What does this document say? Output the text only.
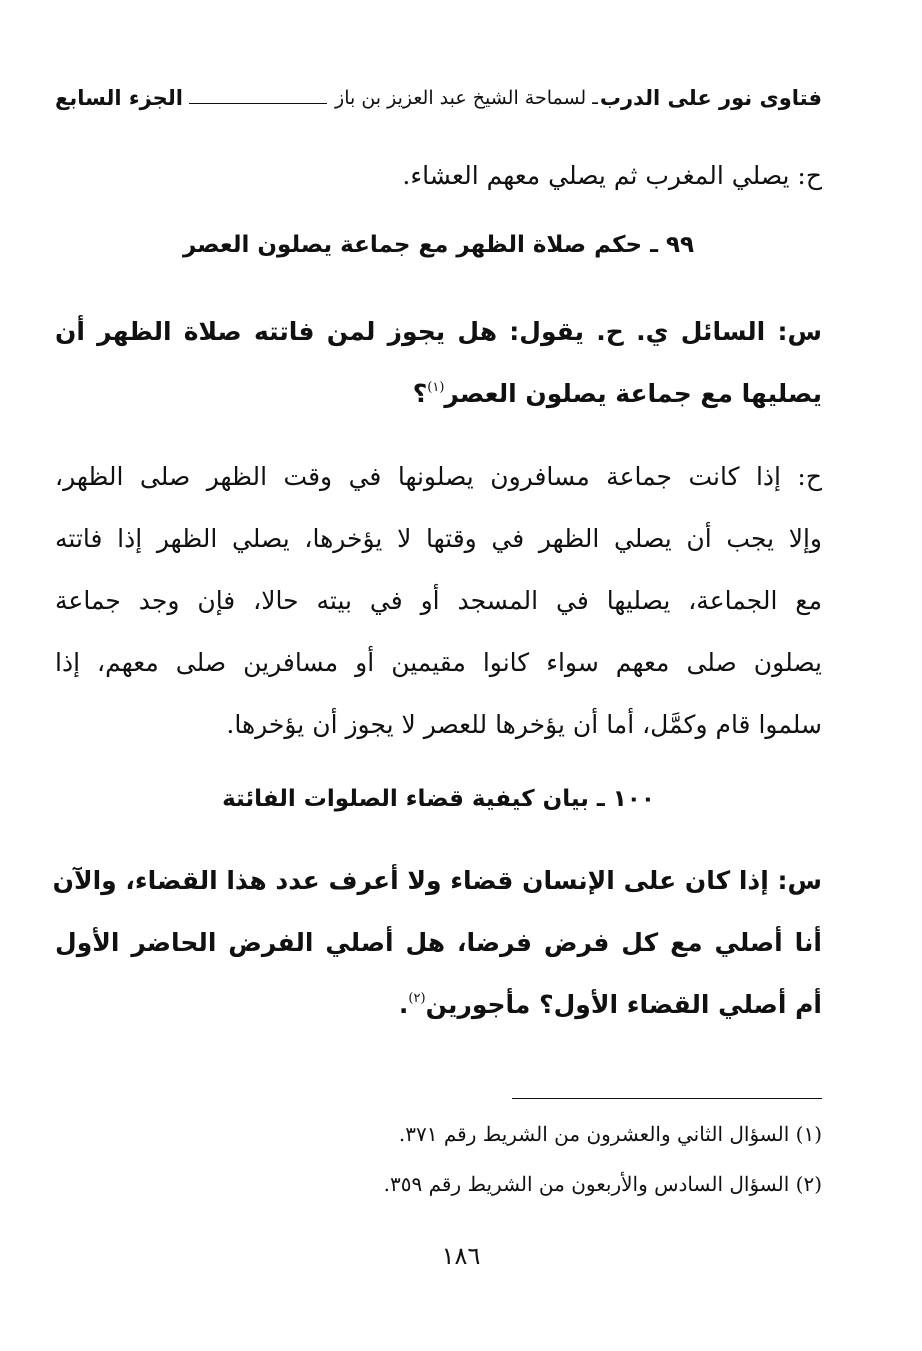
فتاوى نور على الدرب
ـ لسماحة الشيخ عبد العزيز بن باز
الجزء السابع
ح: يصلي المغرب ثم يصلي معهم العشاء.
٩٩ ـ حكم صلاة الظهر مع جماعة يصلون العصر
س: السائل ي. ح. يقول: هل يجوز لمن فاتته صلاة الظهر أن
يصليها مع جماعة يصلون العصر$^{(١)}$؟
ح: إذا كانت جماعة مسافرون يصلونها في وقت الظهر صلى الظهر،
وإلا يجب أن يصلي الظهر في وقتها لا يؤخرها، يصلي الظهر إذا فاتته
مع الجماعة، يصليها في المسجد أو في بيته حالا، فإن وجد جماعة
يصلون صلى معهم سواء كانوا مقيمين أو مسافرين صلى معهم، إذا
سلموا قام وكمَّل، أما أن يؤخرها للعصر لا يجوز أن يؤخرها.
١٠٠ ـ بيان كيفية قضاء الصلوات الفائتة
س: إذا كان على الإنسان قضاء ولا أعرف عدد هذا القضاء، والآن
أنا أصلي مع كل فرض فرضا، هل أصلي الفرض الحاضر الأول
أم أصلي القضاء الأول؟ مأجورين$^{(٢)}$.
(١) السؤال الثاني والعشرون من الشريط رقم ٣٧١.
(٢) السؤال السادس والأربعون من الشريط رقم ٣٥٩.
١٨٦
